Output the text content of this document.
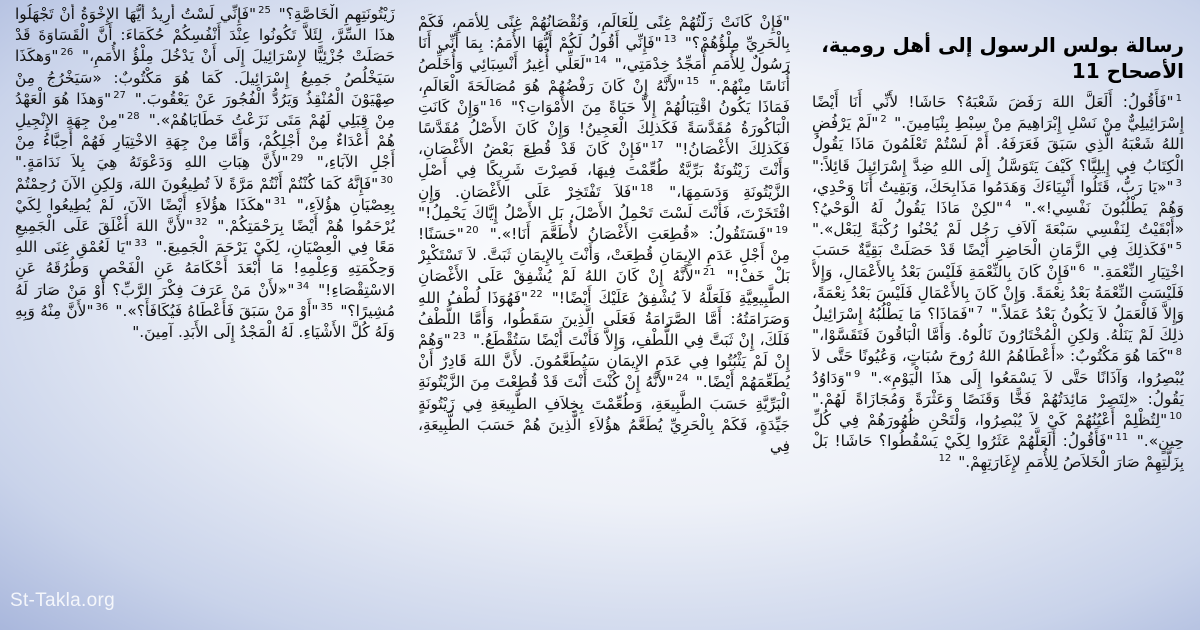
رسالة بولس الرسول إلى أهل رومية،
الأصحاح 11
$^1$"فَأَقُولُ: أَلَعَلَّ اللهَ رَفَضَ شَعْبَهُ؟ حَاشَا! لأَنِّي أَنَا أَيْضًا إِسْرَائِيلِيٌّ مِنْ نَسْلِ إِبْرَاهِيمَ مِنْ سِبْطِ بِنْيَامِينَ." $^2$"لَمْ يَرْفُضِ اللهُ شَعْبَهُ الَّذِي سَبَقَ فَعَرَفَهُ. أَمْ لَسْتُمْ تَعْلَمُونَ مَاذَا يَقُولُ الْكِتَابُ فِي إِيلِيَّا؟ كَيْفَ يَتَوَسَّلُ إِلَى اللهِ ضِدَّ إِسْرَائِيلَ قَائِلاً:" $^3$"«يَا رَبُّ، قَتَلُوا أَنْبِيَاءَكَ وَهَدَمُوا مَذَابِحَكَ، وَبَقِيتُ أَنَا وَحْدِي، وَهُمْ يَطْلُبُونَ نَفْسِي!»." $^4$"لكِنْ مَاذَا يَقُولُ لَهُ الْوَحْيُ؟ «أَبْقَيْتُ لِنَفْسِي سَبْعَةَ آلاَفِ رَجُل لَمْ يُحْنُوا رُكْبَةً لِبَعْل»." $^5$"فَكَذلِكَ فِي الزَّمَانِ الْحَاضِرِ أَيْضًا قَدْ حَصَلَتْ بَقِيَّةٌ حَسَبَ اخْتِيَارِ النِّعْمَةِ." $^6$"فَإِنْ كَانَ بِالنِّعْمَةِ فَلَيْسَ بَعْدُ بِالأَعْمَالِ، وَإِلاَّ فَلَيْسَتِ النِّعْمَةُ بَعْدُ نِعْمَةً. وَإِنْ كَانَ بِالأَعْمَالِ فَلَيْسَ بَعْدُ نِعْمَةً، وَإِلاَّ فَالْعَمَلُ لاَ يَكُونُ بَعْدُ عَمَلاً." $^7$"فَمَاذَا؟ مَا يَطْلُبُهُ إِسْرَائِيلُ ذلِكَ لَمْ يَنَلْهُ. وَلكِنِ الْمُخْتَارُونَ نَالُوهُ. وَأَمَّا الْبَاقُونَ فَتَقَسَّوْا،" $^8$"كَمَا هُوَ مَكْتُوبٌ: «أَعْطَاهُمُ اللهُ رُوحَ سُبَاتٍ، وَعُيُونًا حَتَّى لاَ يُبْصِرُوا، وَآذَانًا حَتَّى لاَ يَسْمَعُوا إِلَى هذَا الْيَوْمِ»." $^9$"وَدَاوُدُ يَقُولُ: «لِتَصِرْ مَائِدَتُهُمْ فَخًّا وَقَنَصًا وَعَثْرَةً وَمُجَازَاةً لَهُمْ." $^{10}$"لِتُظْلِمْ أَعْيُنُهُمْ كَيْ لاَ يُبْصِرُوا، وَلْتَحْنِ ظُهُورَهُمْ فِي كُلِّ حِينٍ»." $^{11}$"فَأَقُولُ: أَلَعَلَّهُمْ عَثَرُوا لِكَيْ يَسْقُطُوا؟ حَاشَا! بَلْ بِزَلَّتِهِمْ صَارَ الْخَلاَصُ لِلأُمَمِ لإِغَارَتِهِمْ." $^{12}$
"فَإِنْ كَانَتْ زَلَّتُهُمْ غِنًى لِلْعَالَمِ، وَنُقْصَانُهُمْ غِنًى لِلأُمَمِ، فَكَمْ بِالْحَرِيِّ مِلْؤُهُمْ؟" $^{13}$"فَإِنِّي أَقُولُ لَكُمْ أَيُّهَا الأُمَمُ: بِمَا أَنِّي أَنَا رَسُولٌ لِلأُمَمِ أُمَجِّدُ خِدْمَتِي،" $^{14}$"لَعَلِّي أُغِيرُ أَنْسِبَائِي وَأُخَلِّصُ أُنَاسًا مِنْهُمْ." $^{15}$"لأَنَّهُ إِنْ كَانَ رَفْضُهُمْ هُوَ مُصَالَحَةَ الْعَالَمِ، فَمَاذَا يَكُونُ اقْتِبَالُهُمْ إِلاَّ حَيَاةً مِنَ الأَمْوَاتِ؟" $^{16}$"وَإِنْ كَانَتِ الْبَاكُورَةُ مُقَدَّسَةً فَكَذلِكَ الْعَجِينُ! وَإِنْ كَانَ الأَصْلُ مُقَدَّسًا فَكَذلِكَ الأَغْصَانُ!" $^{17}$"فَإِنْ كَانَ قَدْ قُطِعَ بَعْضُ الأَغْصَانِ، وَأَنْتَ زَيْتُونَةٌ بَرِّيَّةٌ طُعِّمْتَ فِيهَا، فَصِرْتَ شَرِيكًا فِي أَصْلِ الزَّيْتُونَةِ وَدَسَمِهَا،" $^{18}$"فَلاَ تَفْتَخِرْ عَلَى الأَغْصَانِ. وَإِنِ افْتَخَرْتَ، فَأَنْتَ لَسْتَ تَحْمِلُ الأَصْلَ، بَلِ الأَصْلُ إِيَّاكَ يَحْمِلُ!" $^{19}$"فَسَتَقُولُ: «قُطِعَتِ الأَغْصَانُ لأُطَعَّمَ أَنَا!»." $^{20}$"حَسَنًا! مِنْ أَجْلِ عَدَمِ الإِيمَانِ قُطِعَتْ، وَأَنْتَ بِالإِيمَانِ ثَبَتَّ. لاَ تَسْتَكْبِرْ بَلْ خَفْ!" $^{21}$"لأَنَّهُ إِنْ كَانَ اللهُ لَمْ يُشْفِقْ عَلَى الأَغْصَانِ الطَّبِيعِيَّةِ فَلَعَلَّهُ لاَ يُشْفِقُ عَلَيْكَ أَيْضًا!" $^{22}$"فَهُوَذَا لُطْفُ اللهِ وَصَرَامَتُهُ: أَمَّا الصَّرَامَةُ فَعَلَى الَّذِينَ سَقَطُوا، وَأَمَّا اللُّطْفُ فَلَكَ، إِنْ ثَبَتَّ فِي اللُّطْفِ، وَإِلاَّ فَأَنْتَ أَيْضًا سَتُقْطَعُ." $^{23}$"وَهُمْ إِنْ لَمْ يَثْبُتُوا فِي عَدَمِ الإِيمَانِ سَيُطَعَّمُونَ. لأَنَّ اللهَ قَادِرٌ أَنْ يُطَعِّمَهُمْ أَيْضًا." $^{24}$"لأَنَّهُ إِنْ كُنْتَ أَنْتَ قَدْ قُطِعْتَ مِنَ الزَّيْتُونَةِ الْبَرِّيَّةِ حَسَبَ الطَّبِيعَةِ، وَطُعِّمْتَ بِخِلاَفِ الطَّبِيعَةِ فِي زَيْتُونَةٍ جَيِّدَةٍ، فَكَمْ بِالْحَرِيِّ يُطَعَّمُ هؤُلاَءِ الَّذِينَ هُمْ حَسَبَ الطَّبِيعَةِ، فِي
زَيْتُونَتِهِمِ الْخَاصَّةِ؟" $^{25}$"فَإِنِّي لَسْتُ أُرِيدُ أَيُّهَا الإِخْوَةُ أَنْ تَجْهَلُوا هذَا السِّرَّ، لِئَلاَّ تَكُونُوا عِنْدَ أَنْفُسِكُمْ حُكَمَاءَ: أَنَّ الْقَسَاوَةَ قَدْ حَصَلَتْ جُزْئِيًّا لإِسْرَائِيلَ إِلَى أَنْ يَدْخُلَ مِلْؤُ الأُمَمِ،" $^{26}$"وَهكَذَا سَيَخْلُصُ جَمِيعُ إِسْرَائِيلَ. كَمَا هُوَ مَكْتُوبٌ: «سَيَخْرُجُ مِنْ صِهْيَوْنَ الْمُنْقِذُ وَيَرُدُّ الْفُجُورَ عَنْ يَعْقُوبَ." $^{27}$"وَهذَا هُوَ الْعَهْدُ مِنْ قِبَلِي لَهُمْ مَتَى نَزَعْتُ خَطَايَاهُمْ»." $^{28}$"مِنْ جِهَةِ الإِنْجِيلِ هُمْ أَعْدَاءٌ مِنْ أَجْلِكُمْ، وَأَمَّا مِنْ جِهَةِ الاخْتِيَارِ فَهُمْ أَحِبَّاءُ مِنْ أَجْلِ الآبَاءِ،" $^{29}$"لأَنَّ هِبَاتِ اللهِ وَدَعْوَتَهُ هِيَ بِلاَ نَدَامَةٍ." $^{30}$"فَإِنَّهُ كَمَا كُنْتُمْ أَنْتُمْ مَرَّةً لاَ تُطِيعُونَ اللهَ، وَلكِنِ الآنَ رُحِمْتُمْ بِعِصْيَانِ هؤُلاَءِ،" $^{31}$"هكَذَا هؤُلاَءِ أَيْضًا الآنَ، لَمْ يُطِيعُوا لِكَيْ يُرْحَمُوا هُمْ أَيْضًا بِرَحْمَتِكُمْ." $^{32}$"لأَنَّ اللهَ أَغْلَقَ عَلَى الْجَمِيعِ مَعًا فِي الْعِصْيَانِ، لِكَيْ يَرْحَمَ الْجَمِيعَ." $^{33}$"يَا لَعُمْقِ غِنَى اللهِ وَحِكْمَتِهِ وَعِلْمِهِ! مَا أَبْعَدَ أَحْكَامَهُ عَنِ الْفَحْصِ وَطُرُقَهُ عَنِ الاسْتِقْصَاءِ!" $^{34}$"«لأَنْ مَنْ عَرَفَ فِكْرَ الرَّبِّ؟ أَوْ مَنْ صَارَ لَهُ مُشِيرًا؟" $^{35}$"أَوْ مَنْ سَبَقَ فَأَعْطَاهُ فَيُكَافَأَ؟»." $^{36}$"لأَنَّ مِنْهُ وَبِهِ وَلَهُ كُلَّ الأَشْيَاءِ. لَهُ الْمَجْدُ إِلَى الأَبَدِ. آمِينَ."
St-Takla.org
